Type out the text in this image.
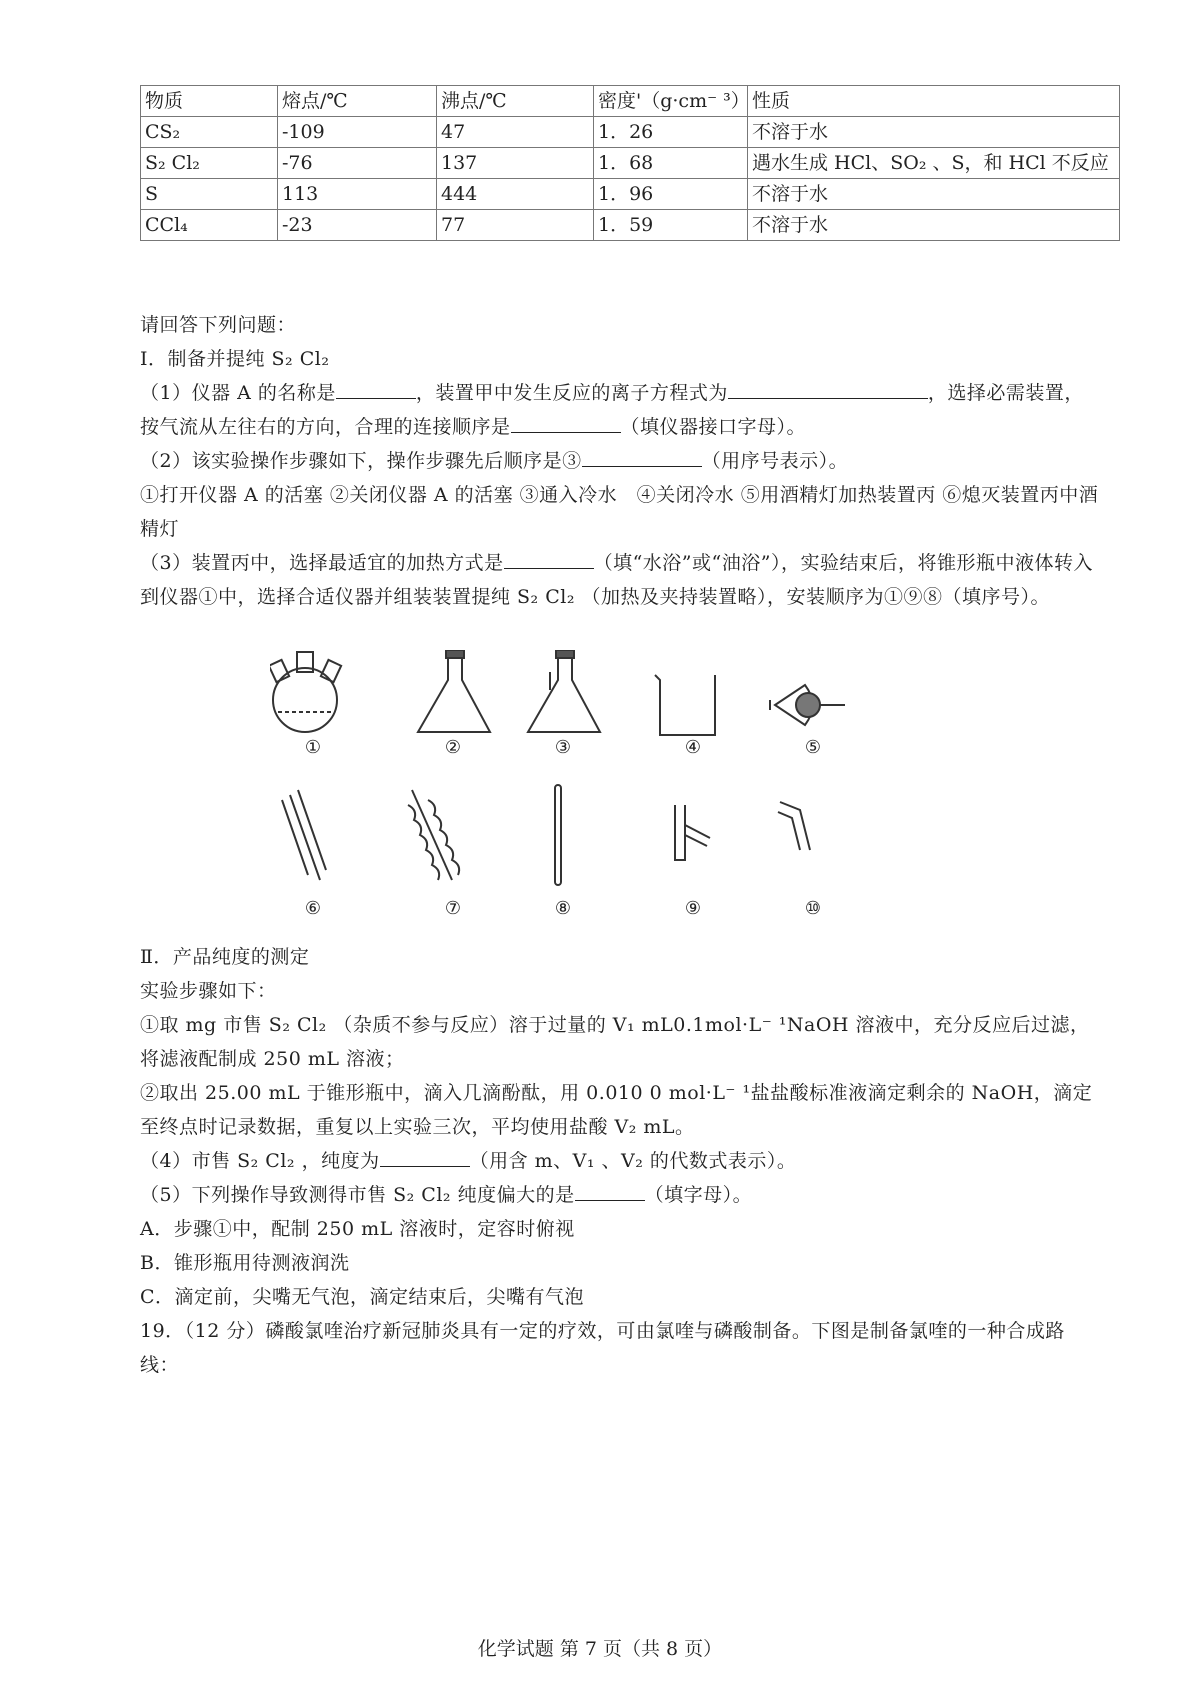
物质	熔点/℃	沸点/℃	密度'（g·cm⁻ ³）	性质
CS₂	-109	47	1．26	不溶于水
S₂ Cl₂	-76	137	1．68	遇水生成 HCl、SO₂ 、S，和 HCl 不反应
S	113	444	1．96	不溶于水
CCl₄	-23	77	1．59	不溶于水
请回答下列问题：
Ⅰ．制备并提纯 S₂ Cl₂
（1）仪器 A 的名称是	，装置甲中发生反应的离子方程式为	，选择必需装置，按气流从左往右的方向，合理的连接顺序是	（填仪器接口字母）。
（2）该实验操作步骤如下，操作步骤先后顺序是③	（用序号表示）。
①打开仪器 A 的活塞 ②关闭仪器 A 的活塞 ③通入冷水　④关闭冷水 ⑤用酒精灯加热装置丙 ⑥熄灭装置丙中酒精灯
（3）装置丙中，选择最适宜的加热方式是	（填“水浴”或“油浴”），实验结束后，将锥形瓶中液体转入到仪器①中，选择合适仪器并组装装置提纯 S₂ Cl₂ （加热及夹持装置略），安装顺序为①⑨⑧（填序号）。
①	②	③	④	⑤
⑥	⑦	⑧	⑨	⑩
Ⅱ．产品纯度的测定
实验步骤如下：
①取 mg 市售 S₂ Cl₂ （杂质不参与反应）溶于过量的 V₁ mL0.1mol·L⁻ ¹NaOH 溶液中，充分反应后过滤，将滤液配制成 250 mL 溶液；
②取出 25.00 mL 于锥形瓶中，滴入几滴酚酞，用 0.010 0 mol·L⁻ ¹盐盐酸标准液滴定剩余的 NaOH，滴定至终点时记录数据，重复以上实验三次，平均使用盐酸 V₂ mL。
（4）市售 S₂ Cl₂ ，纯度为	（用含 m、V₁ 、V₂ 的代数式表示）。
（5）下列操作导致测得市售 S₂ Cl₂ 纯度偏大的是	（填字母）。
A．步骤①中，配制 250 mL 溶液时，定容时俯视
B．锥形瓶用待测液润洗
C．滴定前，尖嘴无气泡，滴定结束后，尖嘴有气泡
19．（12 分）磷酸氯喹治疗新冠肺炎具有一定的疗效，可由氯喹与磷酸制备。下图是制备氯喹的一种合成路线：
化学试题 第 7 页（共 8 页）
